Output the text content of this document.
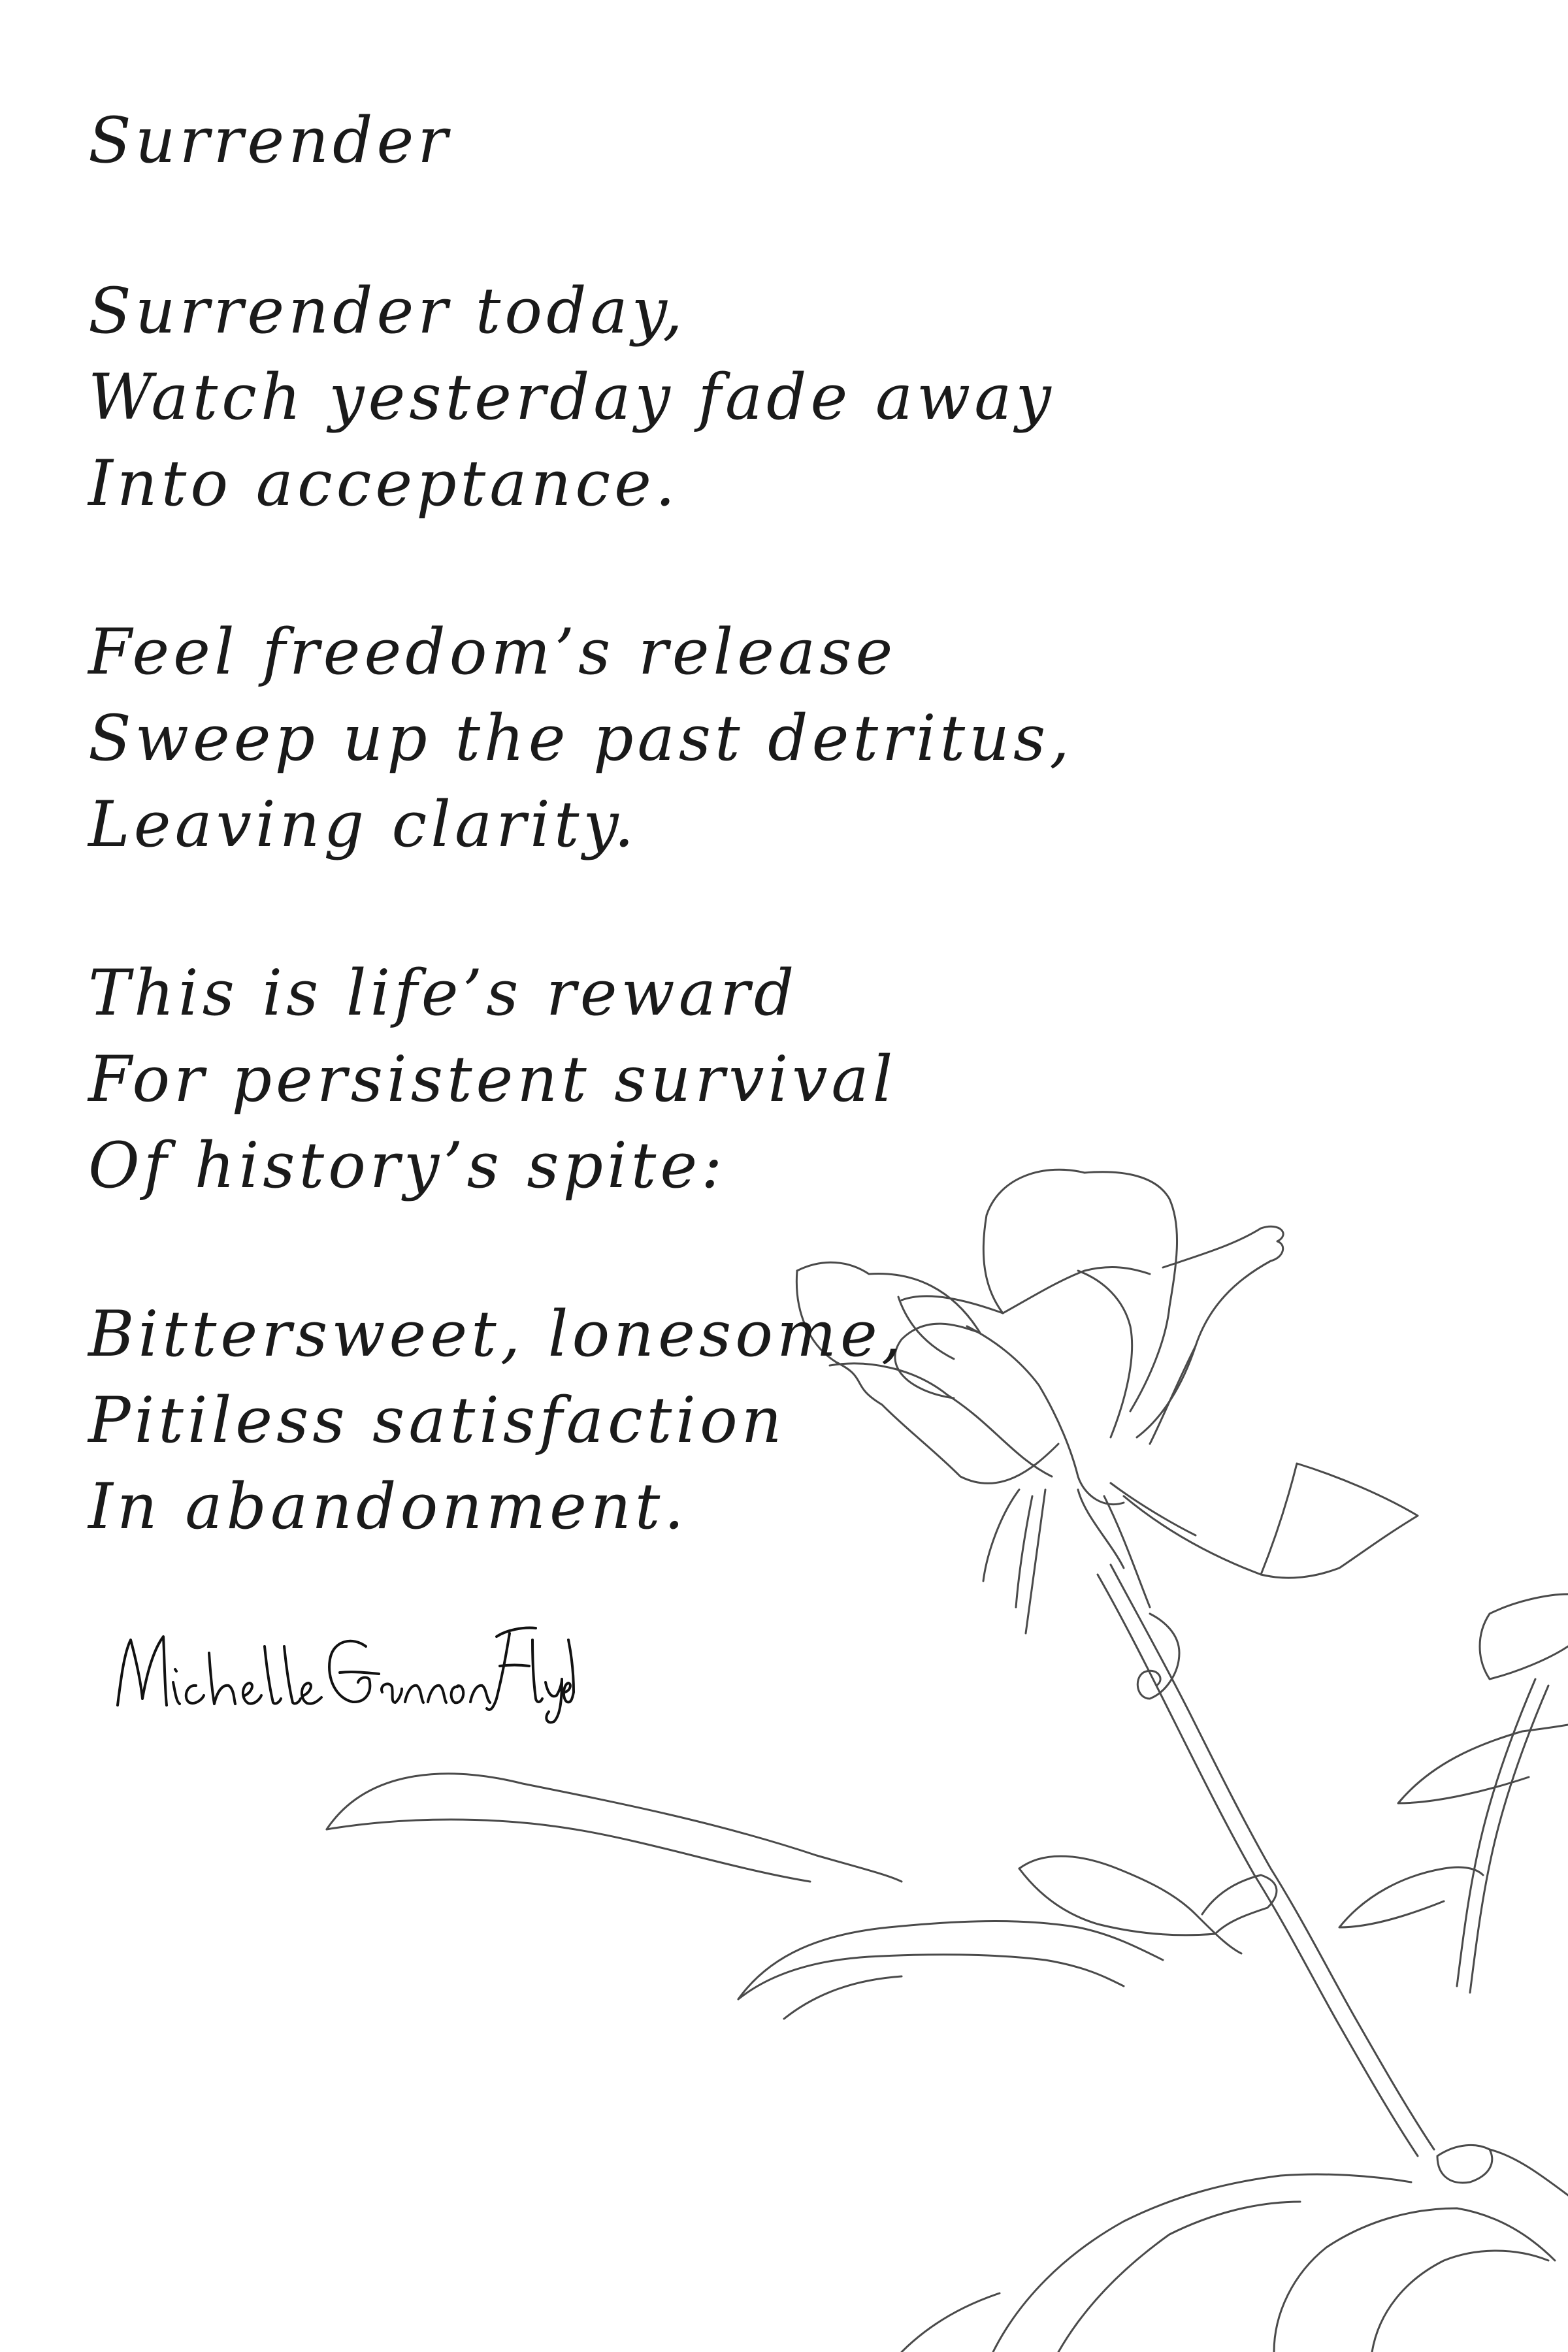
Surrender
Surrender today,
Watch yesterday fade away
Into acceptance.
Feel freedom’s release
Sweep up the past detritus,
Leaving clarity.
This is life’s reward
For persistent survival
Of history’s spite:
Bittersweet, lonesome,
Pitiless satisfaction
In abandonment.
